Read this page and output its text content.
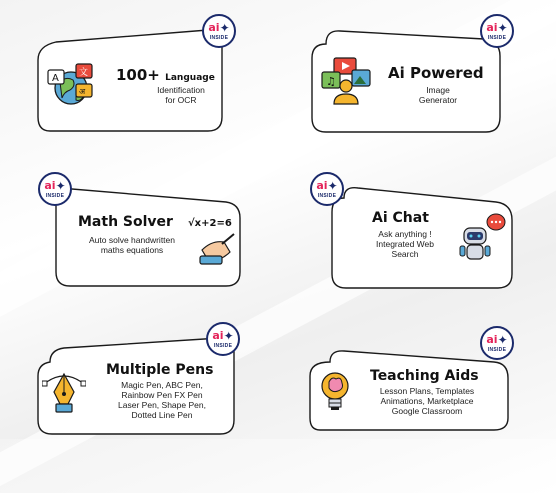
ai ✦
INSIDE
A 文
अ
100+ Language
Identification
for OCR
ai ✦
INSIDE
♫	Ai Powered
Image
Generator
ai ✦
INSIDE
Math Solver √x+2=6
Auto solve handwritten
maths equations
ai ✦
INSIDE
Ai Chat
Ask anything !
Integrated Web
Search
ai ✦
INSIDE
Multiple Pens
Magic Pen, ABC Pen,
Rainbow Pen FX Pen
Laser Pen, Shape Pen,
Dotted Line Pen
ai ✦
INSIDE
Teaching Aids
Lesson Plans, Templates
Animations, Marketplace
Google Classroom
